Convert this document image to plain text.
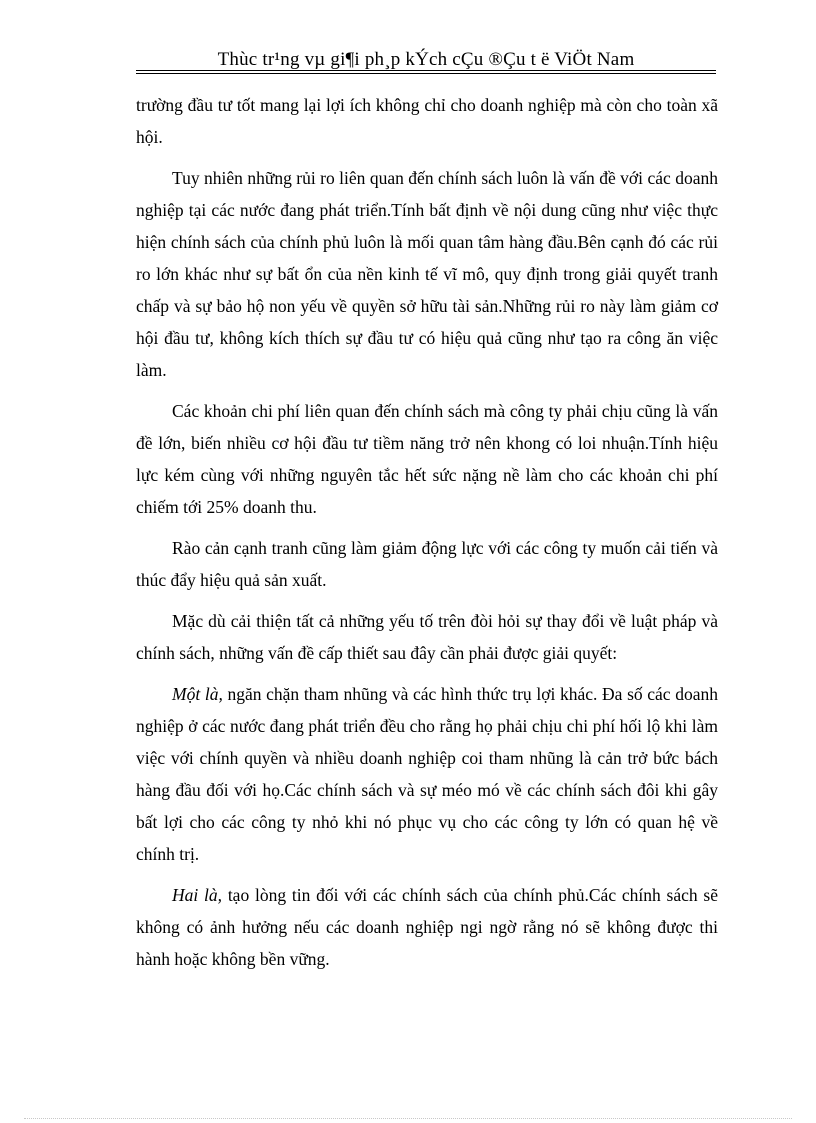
Thùc tr¹ng vµ gi¶i ph¸p kÝch cÇu ®Çu t ë ViÖt Nam

trường đầu tư tốt mang lại lợi ích không chỉ cho doanh nghiệp mà còn cho toàn xã hội.

Tuy nhiên những rủi ro liên quan đến chính sách luôn là vấn đề với các doanh nghiệp tại các nước đang phát triển.Tính bất định về nội dung cũng như việc thực hiện chính sách của chính phủ luôn là mối quan tâm hàng đầu.Bên cạnh đó các rủi ro lớn khác như sự bất ổn của nền kinh tế vĩ mô, quy định trong giải quyết tranh chấp và sự bảo hộ non yếu về quyền sở hữu tài sản.Những rủi ro này làm giảm cơ hội đầu tư, không kích thích sự đầu tư có hiệu quả cũng như tạo ra công ăn việc làm.

Các khoản chi phí liên quan đến chính sách mà công ty phải chịu cũng là vấn đề lớn, biến nhiều cơ hội đầu tư tiềm năng trở nên khong có loi nhuận.Tính hiệu lực kém cùng với những nguyên tắc hết sức nặng nề làm cho các khoản chi phí chiếm tới 25% doanh thu.

Rào cản cạnh tranh cũng làm giảm động lực với các công ty muốn cải tiến và thúc đẩy hiệu quả sản xuất.

Mặc dù cải thiện tất cả những yếu tố trên đòi hỏi sự thay đổi về luật pháp và chính sách, những vấn đề cấp thiết sau đây cần phải được giải quyết:

Một là, ngăn chặn tham nhũng và các hình thức trụ lợi khác. Đa số các doanh nghiệp ở các nước đang phát triển đều cho rằng họ phải chịu chi phí hối lộ khi làm việc với chính quyền và nhiều doanh nghiệp coi tham nhũng là cản trở bức bách hàng đầu đối với họ.Các chính sách và sự méo mó về các chính sách đôi khi gây bất lợi cho các công ty nhỏ khi nó phục vụ cho các công ty lớn có quan hệ về chính trị.

Hai là, tạo lòng tin đối với các chính sách của chính phủ.Các chính sách sẽ không có ảnh hưởng nếu các doanh nghiệp ngi ngờ rằng nó sẽ không được thi hành hoặc không bền vững.
